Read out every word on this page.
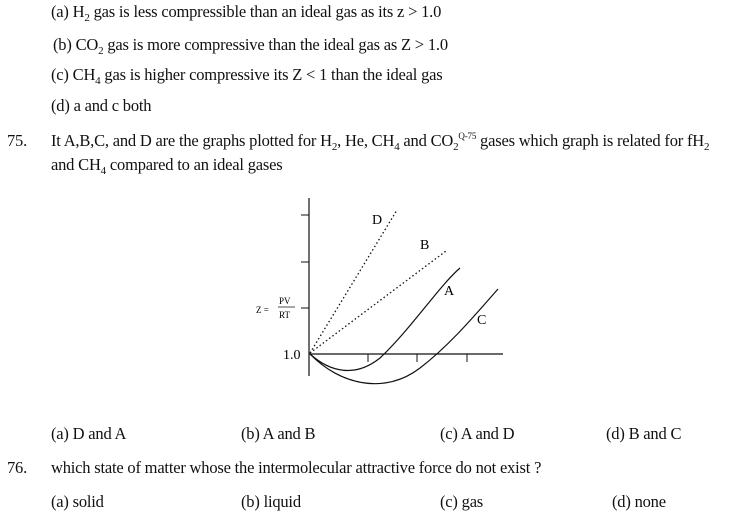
(a) $H_2$ gas is less compressible than an ideal gas as its z > 1.0
(b) $CO_2$ gas is more compressive than the ideal gas as Z > 1.0
(c) $CH_4$ gas is higher compressive its Z < 1 than the ideal gas
(d) a and c both
75. It A,B,C, and D are the graphs plotted for $H_2$, He, $CH_4$ and $CO_2^{Q-75}$ gases which graph is related for $fH_2$
and $CH_4$ compared to an ideal gases
D
B
A
C
Z =
PV
RT
1.0
(a) D and A	(b) A and B	(c) A and D	(d) B and C
76. which state of matter whose the intermolecular attractive force do not exist ?
(a) solid	(b) liquid	(c) gas	(d) none
